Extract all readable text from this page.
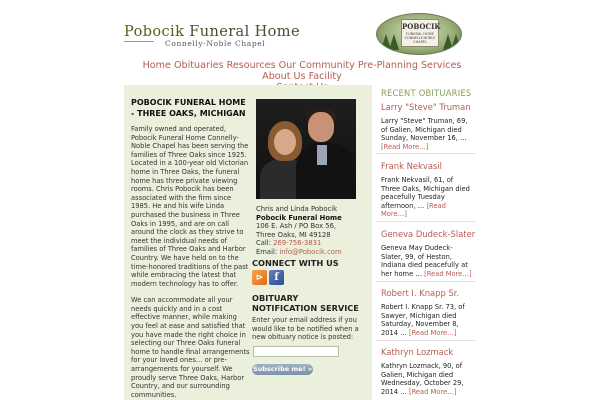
Pobocik Funeral Home
Connelly-Noble Chapel
POBOCIK
FUNERAL HOME
CONNELLY-NOBLE CHAPEL
Home Obituaries Resources Our Community Pre-Planning Services About Us Facility

POBOCIK FUNERAL HOME - THREE OAKS, MICHIGAN
Family owned and operated, Pobocik Funeral Home Connelly-Noble Chapel has been serving the families of Three Oaks since 1925. Located in a 100-year old Victorian home in Three Oaks, the funeral home has three private viewing rooms. Chris Pobocik has been associated with the firm since 1985. He and his wife Linda purchased the business in Three Oaks in 1995, and are on call around the clock as they strive to meet the individual needs of families of Three Oaks and Harbor Country. We have held on to the time-honored traditions of the past while embracing the latest that modern technology has to offer.
We can accommodate all your needs quickly and in a cost effective manner, while making you feel at ease and satisfied that you have made the right choice in selecting our Three Oaks funeral home to handle final arrangements for your loved ones… or pre-arrangements for yourself. We proudly serve Three Oaks, Harbor Country, and our surrounding communities.
Chris and Linda Pobocik
Pobocik Funeral Home
106 E. Ash / PO Box 56,
Three Oaks, MI 49128
Call: 269-756-3831
Email: info@Pobocik.com
CONNECT WITH US
⊳	f
OBITUARY NOTIFICATION SERVICE
Enter your email address if you would like to be notified when a new obituary notice is posted:
Subscribe me! »
RECENT OBITUARIES
Larry "Steve" Truman
Larry "Steve" Truman, 69, of Galien, Michigan died Sunday, November 16, … [Read More…]
Frank Nekvasil
Frank Nekvasil, 61, of Three Oaks, Michigan died peacefully Tuesday afternoon, … [Read More…]
Geneva Dudeck-Slater
Geneva May Dudeck-Slater, 99, of Heston, Indiana died peacefully at her home … [Read More…]
Robert I. Knapp Sr.
Robert I. Knapp Sr. 73, of Sawyer, Michigan died Saturday, November 8, 2014 … [Read More…]
Kathryn Lozmack
Kathryn Lozmack, 90, of Galien, Michigan died Wednesday, October 29, 2014 … [Read More…]
